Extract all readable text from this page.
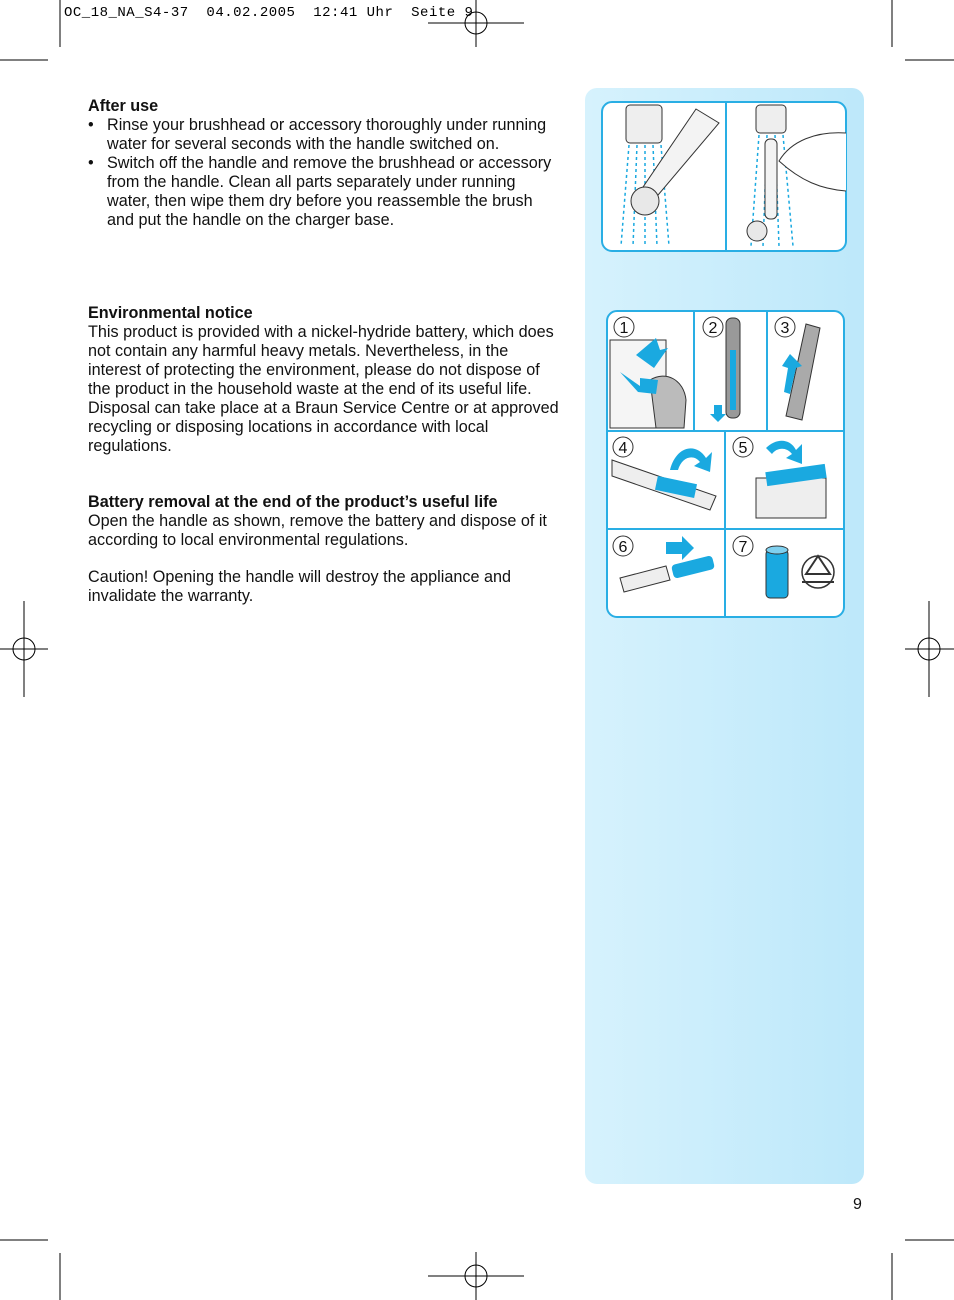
OC_18_NA_S4-37  04.02.2005  12:41 Uhr  Seite 9
After use
• Rinse your brushhead or accessory thoroughly under running water for several seconds with the handle switched on.
• Switch off the handle and remove the brushhead or accessory from the handle. Clean all parts separately under running water, then wipe them dry before you reassemble the brush and put the handle on the charger base.
Environmental notice

This product is provided with a nickel-hydride battery, which does not contain any harmful heavy metals. Nevertheless, in the interest of protecting the environment, please do not dispose of the product in the household waste at the end of its useful life. Disposal can take place at a Braun Service Centre or at approved recycling or disposing locations in accordance with local regulations.

Battery removal at the end of the product’s useful life

Open the handle as shown, remove the battery and dispose of it according to local environmental regulations.

Caution! Opening the handle will destroy the appliance and invalidate the warranty.

1	2	3
4	5
6	7
9
